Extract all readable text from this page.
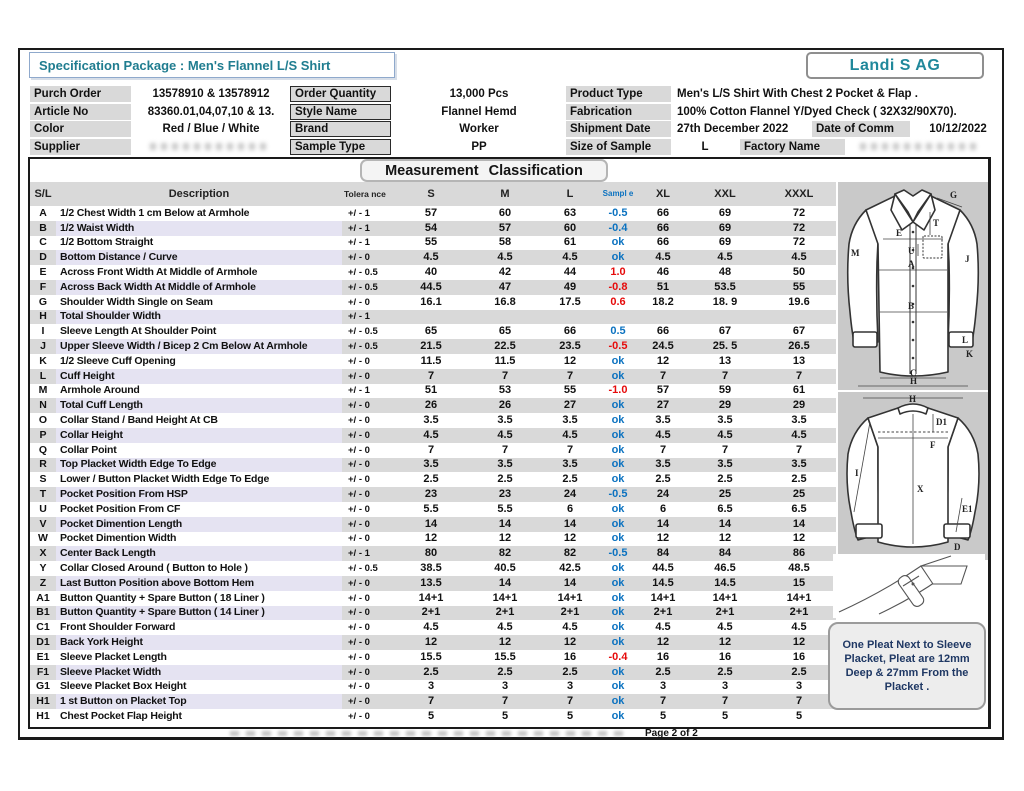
Specification Package : Men's Flannel L/S Shirt	Landi S AG
Purch Order	13578910 & 13578912
Article No	83360.01,04,07,10 & 13.
Color	Red / Blue / White
Supplier
Order Quantity	13,000 Pcs
Style Name	Flannel Hemd
Brand	Worker
Sample Type	PP
Product Type	Men's L/S Shirt With Chest 2 Pocket & Flap .
Fabrication	100% Cotton Flannel Y/Dyed Check ( 32X32/90X70).
Shipment Date	27th December 2022	Date of Comm	10/12/2022
Size of Sample	L	Factory Name
Measurement Classification
S/L	Description	Tolera nce	S	M	L	Sampl e	XL	XXL	XXXL
A	1/2 Chest Width 1 cm Below at Armhole	+/ - 1	57	60	63	-0.5	66	69	72
B	1/2 Waist Width	+/ - 1	54	57	60	-0.4	66	69	72
C	1/2 Bottom Straight	+/ - 1	55	58	61	ok	66	69	72
D	Bottom Distance / Curve	+/ - 0	4.5	4.5	4.5	ok	4.5	4.5	4.5
E	Across Front Width At Middle of Armhole	+/ - 0.5	40	42	44	1.0	46	48	50
F	Across Back Width At Middle of Armhole	+/ - 0.5	44.5	47	49	-0.8	51	53.5	55
G	Shoulder Width Single on Seam	+/ - 0	16.1	16.8	17.5	0.6	18.2	18. 9	19.6
H	Total Shoulder Width	+/ - 1
I	Sleeve Length At Shoulder Point	+/ - 0.5	65	65	66	0.5	66	67	67
J	Upper Sleeve Width / Bicep 2 Cm Below At Armhole	+/ - 0.5	21.5	22.5	23.5	-0.5	24.5	25. 5	26.5
K	1/2 Sleeve Cuff Opening	+/ - 0	11.5	11.5	12	ok	12	13	13
L	Cuff Height	+/ - 0	7	7	7	ok	7	7	7
M	Armhole Around	+/ - 1	51	53	55	-1.0	57	59	61
N	Total Cuff Length	+/ - 0	26	26	27	ok	27	29	29
O	Collar Stand / Band Height At CB	+/ - 0	3.5	3.5	3.5	ok	3.5	3.5	3.5
P	Collar Height	+/ - 0	4.5	4.5	4.5	ok	4.5	4.5	4.5
Q	Collar Point	+/ - 0	7	7	7	ok	7	7	7
R	Top Placket Width Edge To Edge	+/ - 0	3.5	3.5	3.5	ok	3.5	3.5	3.5
S	Lower / Button Placket Width Edge To Edge	+/ - 0	2.5	2.5	2.5	ok	2.5	2.5	2.5
T	Pocket Position From HSP	+/ - 0	23	23	24	-0.5	24	25	25
U	Pocket Position From CF	+/ - 0	5.5	5.5	6	ok	6	6.5	6.5
V	Pocket Dimention Length	+/ - 0	14	14	14	ok	14	14	14
W	Pocket Dimention Width	+/ - 0	12	12	12	ok	12	12	12
X	Center Back Length	+/ - 1	80	82	82	-0.5	84	84	86
Y	Collar Closed Around ( Button to Hole )	+/ - 0.5	38.5	40.5	42.5	ok	44.5	46.5	48.5
Z	Last Button Position above Bottom Hem	+/ - 0	13.5	14	14	ok	14.5	14.5	15
A1 Button Quantity + Spare Button ( 18 Liner )	+/ - 0	14+1	14+1	14+1	ok	14+1	14+1	14+1
B1 Button Quantity + Spare Button ( 14 Liner )	+/ - 0	2+1	2+1	2+1	ok	2+1	2+1	2+1
C1 Front Shoulder Forward	+/ - 0	4.5	4.5	4.5	ok	4.5	4.5	4.5
D1 Back York Height	+/ - 0	12	12	12	ok	12	12	12
E1	Sleeve Placket Length	+/ - 0	15.5	15.5	16	-0.4	16	16	16
F1	Sleeve Placket Width	+/ - 0	2.5	2.5	2.5	ok	2.5	2.5	2.5
G1 Sleeve Placket Box Height	+/ - 0	3	3	3	ok	3	3	3
H1 1 st Button on Placket Top	+/ - 0	7	7	7	ok	7	7	7
H1 Chest Pocket Flap Height	+/ - 0	5	5	5	ok	5	5	5
G
T
E
M	U
J
A
B
L
K
C
H
H
D1
F
I
X
E1
D
One Pleat Next to Sleeve Placket, Pleat are 12mm Deep & 27mm From the Placket .
Page 2 of 2
